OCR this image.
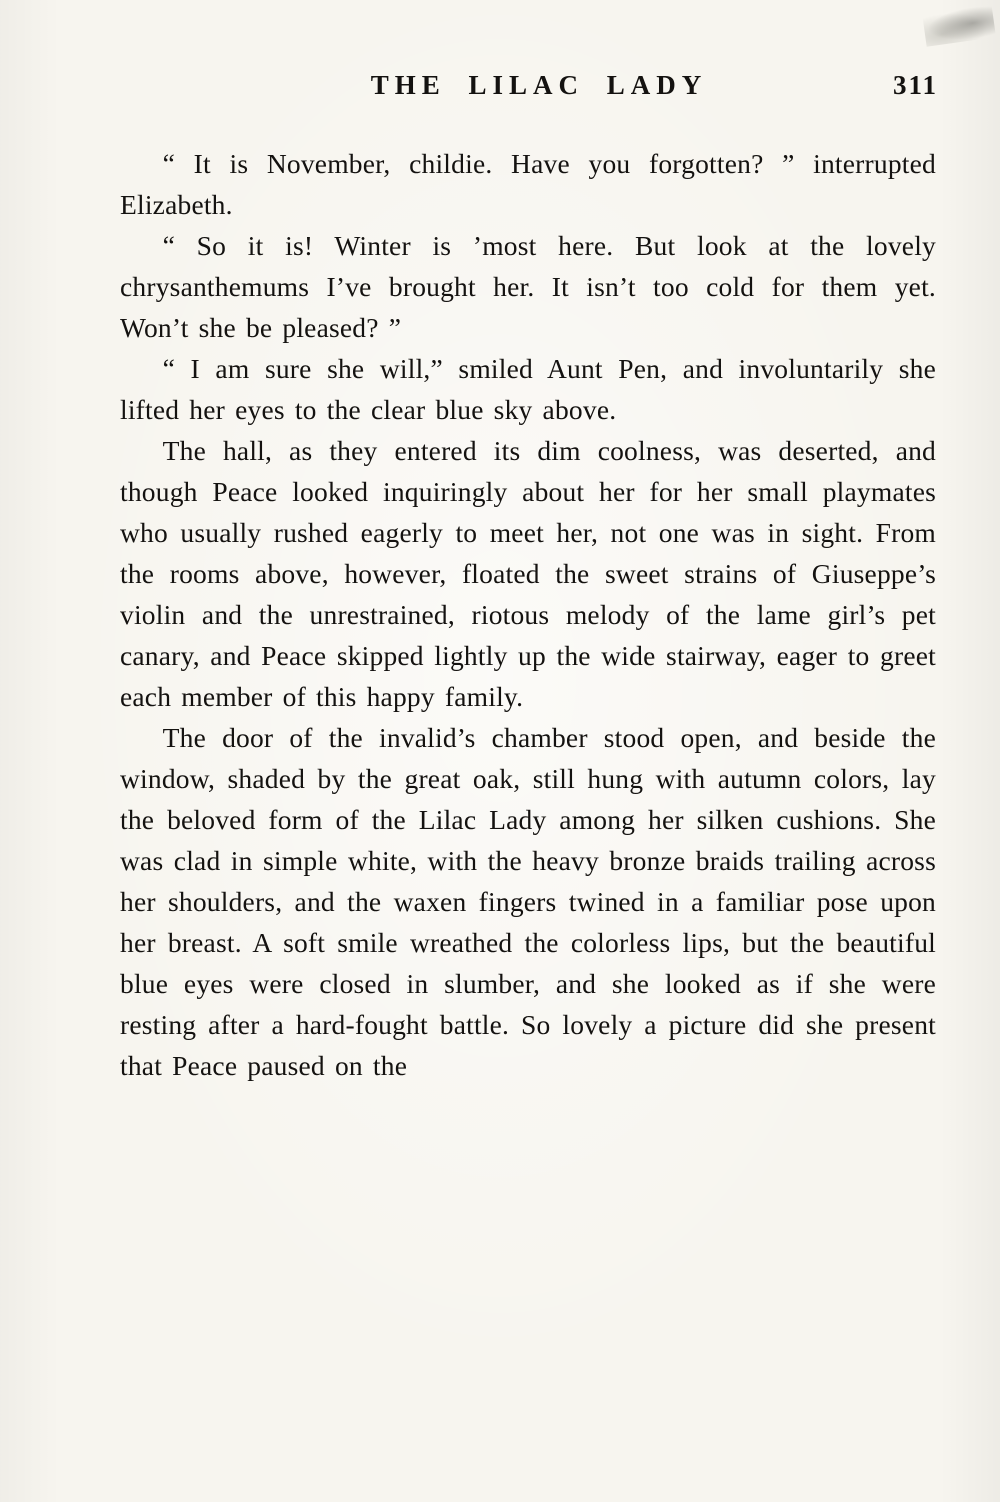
THE LILAC LADY	311

“ It is November, childie. Have you forgotten? ” interrupted Elizabeth.

“ So it is! Winter is ’most here. But look at the lovely chrysanthemums I’ve brought her. It isn’t too cold for them yet. Won’t she be pleased? ”

“ I am sure she will,” smiled Aunt Pen, and involuntarily she lifted her eyes to the clear blue sky above.

The hall, as they entered its dim coolness, was deserted, and though Peace looked inquiringly about her for her small playmates who usually rushed eagerly to meet her, not one was in sight. From the rooms above, however, floated the sweet strains of Giuseppe’s violin and the unrestrained, riotous melody of the lame girl’s pet canary, and Peace skipped lightly up the wide stairway, eager to greet each member of this happy family.

The door of the invalid’s chamber stood open, and beside the window, shaded by the great oak, still hung with autumn colors, lay the beloved form of the Lilac Lady among her silken cushions. She was clad in simple white, with the heavy bronze braids trailing across her shoulders, and the waxen fingers twined in a familiar pose upon her breast. A soft smile wreathed the colorless lips, but the beautiful blue eyes were closed in slumber, and she looked as if she were resting after a hard-fought battle. So lovely a picture did she present that Peace paused on the
